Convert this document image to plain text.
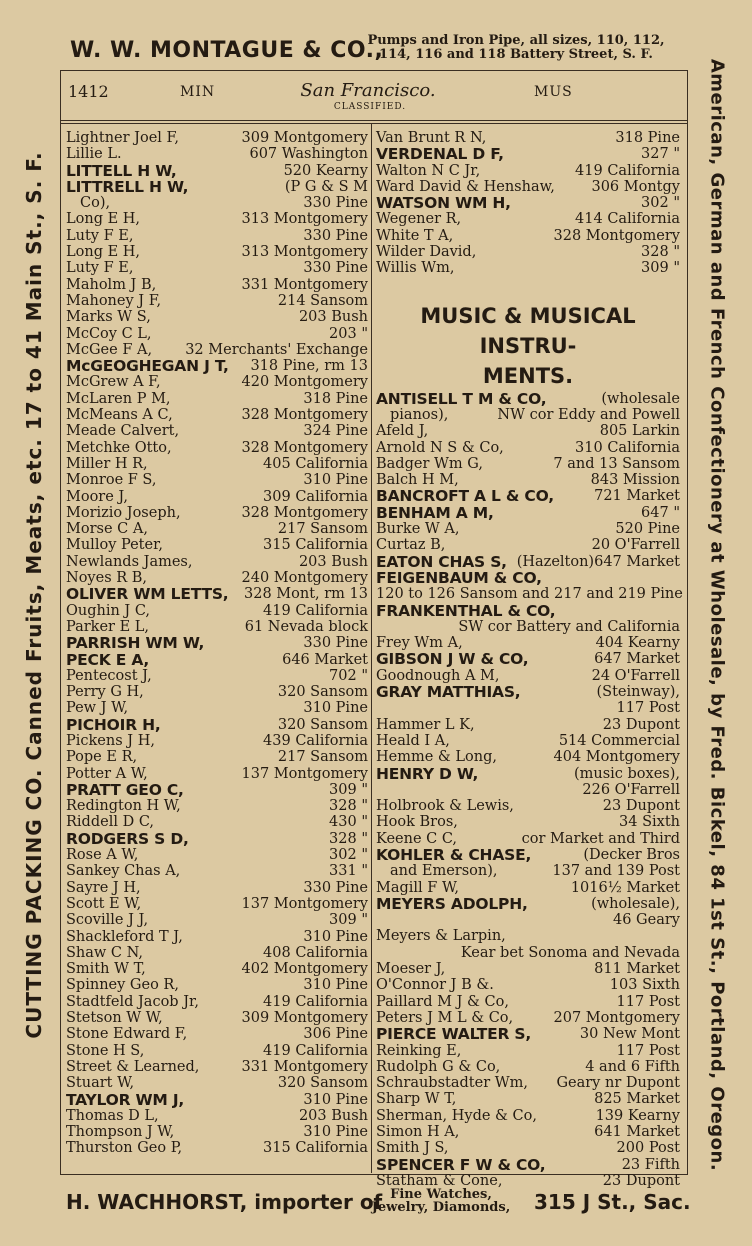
W. W. MONTAGUE & CO.,
Pumps and Iron Pipe, all sizes, 110, 112,
114, 116 and 118 Battery Street, S. F.
CUTTING PACKING CO. Canned Fruits, Meats, etc. 17 to 41 Main St., S. F.	American, German and French Confectionery at Wholesale, by Fred. Bickel, 84 1st St., Portland, Oregon.
1412	MIN	San Francisco.	MUS
CLASSIFIED.
Lightner Joel F,	309 Montgomery
Lillie L.	607 Washington
LITTELL H W,	520 Kearny
LITTRELL H W,	(P G & S M
Co),	330 Pine
Long E H,	313 Montgomery
Luty F E,	330 Pine
Long E H,	313 Montgomery
Luty F E,	330 Pine
Maholm J B,	331 Montgomery
Mahoney J F,	214 Sansom
Marks W S,	203 Bush
McCoy C L,	203 "
McGee F A, 32 Merchants' Exchange
McGEOGHEGAN J T, 318 Pine, rm 13
McGrew A F,	420 Montgomery
McLaren P M,	318 Pine
McMeans A C,	328 Montgomery
Meade Calvert,	324 Pine
Metchke Otto,	328 Montgomery
Miller H R,	405 California
Monroe F S,	310 Pine
Moore J,	309 California
Morizio Joseph,	328 Montgomery
Morse C A,	217 Sansom
Mulloy Peter,	315 California
Newlands James,	203 Bush
Noyes R B,	240 Montgomery
OLIVER WM LETTS, 328 Mont, rm 13
Oughin J C,	419 California
Parker E L,	61 Nevada block
PARRISH WM W,	330 Pine
PECK E A,	646 Market
Pentecost J,	702 "
Perry G H,	320 Sansom
Pew J W,	310 Pine
PICHOIR H,	320 Sansom
Pickens J H,	439 California
Pope E R,	217 Sansom
Potter A W,	137 Montgomery
PRATT GEO C,	309 "
Redington H W,	328 "
Riddell D C,	430 "
RODGERS S D,	328 "
Rose A W,	302 "
Sankey Chas A,	331 "
Sayre J H,	330 Pine
Scott E W,	137 Montgomery
Scoville J J,	309 "
Shackleford T J,	310 Pine
Shaw C N,	408 California
Smith W T,	402 Montgomery
Spinney Geo R,	310 Pine
Stadtfeld Jacob Jr,	419 California
Stetson W W,	309 Montgomery
Stone Edward F,	306 Pine
Stone H S,	419 California
Street & Learned,	331 Montgomery
Stuart W,	320 Sansom
TAYLOR WM J,	310 Pine
Thomas D L,	203 Bush
Thompson J W,	310 Pine
Thurston Geo P,	315 California
Van Brunt R N,	318 Pine
VERDENAL D F,	327 "
Walton N C Jr,	419 California
Ward David & Henshaw,	306 Montgy
WATSON WM H,	302 "
Wegener R,	414 California
White T A,	328 Montgomery
Wilder David,	328 "
Willis Wm,	309 "
MUSIC & MUSICAL INSTRU-
MENTS.
ANTISELL T M & CO,	(wholesale
pianos),	NW cor Eddy and Powell
Afeld J,	805 Larkin
Arnold N S & Co,	310 California
Badger Wm G,	7 and 13 Sansom
Balch H M,	843 Mission
BANCROFT A L & CO,	721 Market
BENHAM A M,	647 "
Burke W A,	520 Pine
Curtaz B,	20 O'Farrell
EATON CHAS S, (Hazelton)647 Market
FEIGENBAUM & CO,
120 to 126 Sansom and 217 and 219 Pine
FRANKENTHAL & CO,
SW cor Battery and California
Frey Wm A,	404 Kearny
GIBSON J W & CO,	647 Market
Goodnough A M,	24 O'Farrell
GRAY MATTHIAS,	(Steinway),
117 Post
Hammer L K,	23 Dupont
Heald I A,	514 Commercial
Hemme & Long,	404 Montgomery
HENRY D W,	(music boxes),
226 O'Farrell
Holbrook & Lewis,	23 Dupont
Hook Bros,	34 Sixth
Keene C C,	cor Market and Third
KOHLER & CHASE,	(Decker Bros
and Emerson),	137 and 139 Post
Magill F W,	1016½ Market
MEYERS ADOLPH,	(wholesale),
46 Geary
Meyers & Larpin,
Kear bet Sonoma and Nevada
Moeser J,	811 Market
O'Connor J B &.	103 Sixth
Paillard M J & Co,	117 Post
Peters J M L & Co,	207 Montgomery
PIERCE WALTER S,	30 New Mont
Reinking E,	117 Post
Rudolph G & Co,	4 and 6 Fifth
Schraubstadter Wm, Geary nr Dupont
Sharp W T,	825 Market
Sherman, Hyde & Co,	139 Kearny
Simon H A,	641 Market
Smith J S,	200 Post
SPENCER F W & CO,	23 Fifth
Statham & Cone,	23 Dupont
H. WACHHORST, importer of Fine Watches,
Jewelry, Diamonds,	315 J St., Sac.
